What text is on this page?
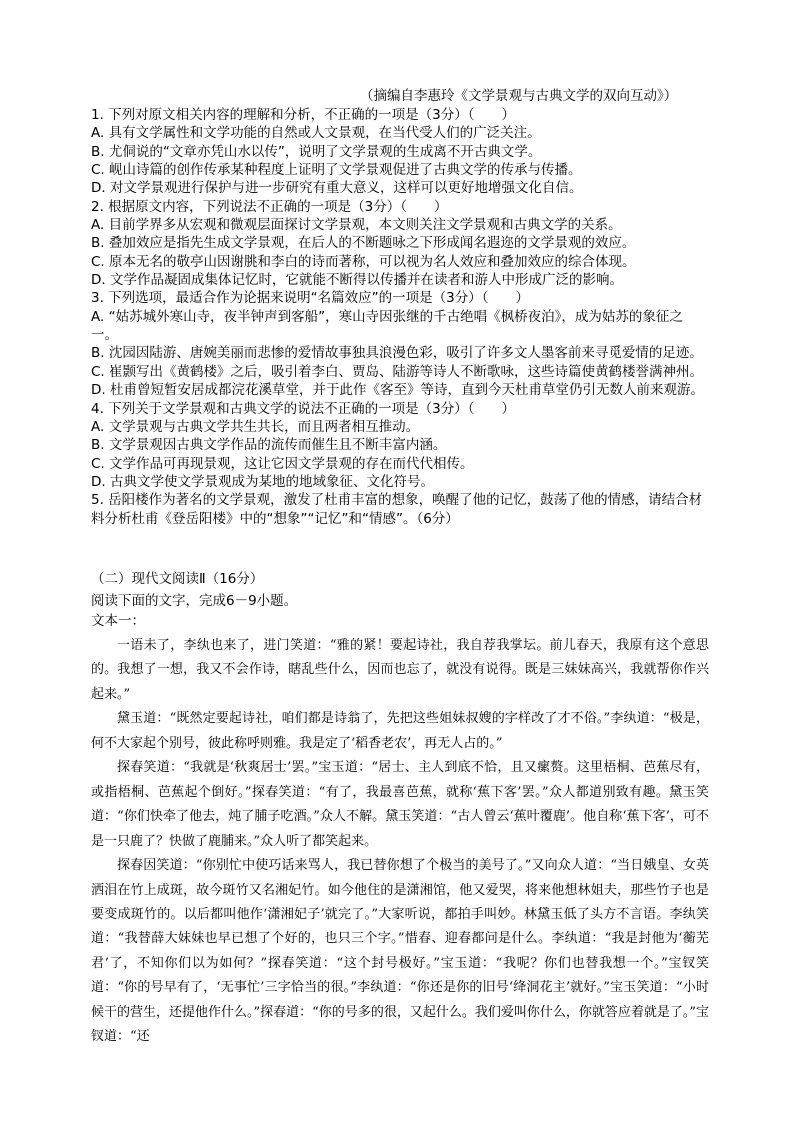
（摘编自李惠玲《文学景观与古典文学的双向互动》）
1. 下列对原文相关内容的理解和分析，不正确的一项是（3分）（　　）
A. 具有文学属性和文学功能的自然或人文景观，在当代受人们的广泛关注。
B. 尤侗说的“文章亦凭山水以传”，说明了文学景观的生成离不开古典文学。
C. 岘山诗篇的创作传承某种程度上证明了文学景观促进了古典文学的传承与传播。
D. 对文学景观进行保护与进一步研究有重大意义，这样可以更好地增强文化自信。
2. 根据原文内容，下列说法不正确的一项是（3分）（　　）
A. 目前学界多从宏观和微观层面探讨文学景观，本文则关注文学景观和古典文学的关系。
B. 叠加效应是指先生成文学景观，在后人的不断题咏之下形成闻名遐迩的文学景观的效应。
C. 原本无名的敬亭山因谢朓和李白的诗而著称，可以视为名人效应和叠加效应的综合体现。
D. 文学作品凝固成集体记忆时，它就能不断得以传播并在读者和游人中形成广泛的影响。
3. 下列选项，最适合作为论据来说明“名篇效应”的一项是（3分）（　　）
A. “姑苏城外寒山寺，夜半钟声到客船”，寒山寺因张继的千古绝唱《枫桥夜泊》，成为姑苏的象征之一。
B. 沈园因陆游、唐婉美丽而悲惨的爱情故事独具浪漫色彩，吸引了许多文人墨客前来寻觅爱情的足迹。
C. 崔颢写出《黄鹤楼》之后，吸引着李白、贾岛、陆游等诗人不断歌咏，这些诗篇使黄鹤楼誉满神州。
D. 杜甫曾短暂安居成都浣花溪草堂，并于此作《客至》等诗，直到今天杜甫草堂仍引无数人前来观游。
4. 下列关于文学景观和古典文学的说法不正确的一项是（3分）（　　）
A. 文学景观与古典文学共生共长，而且两者相互推动。
B. 文学景观因古典文学作品的流传而催生且不断丰富内涵。
C. 文学作品可再现景观，这让它因文学景观的存在而代代相传。
D. 古典文学使文学景观成为某地的地域象征、文化符号。
5. 岳阳楼作为著名的文学景观，激发了杜甫丰富的想象，唤醒了他的记忆，鼓荡了他的情感，请结合材料分析杜甫《登岳阳楼》中的“想象”“记忆”和“情感”。（6分）
（二）现代文阅读Ⅱ（16分）
阅读下面的文字，完成6－9小题。
文本一：

一语未了，李纨也来了，进门笑道：“雅的紧！要起诗社，我自荐我掌坛。前儿春天，我原有这个意思的。我想了一想，我又不会作诗，瞎乱些什么，因而也忘了，就没有说得。既是三妹妹高兴，我就帮你作兴起来。”

黛玉道：“既然定要起诗社，咱们都是诗翁了，先把这些姐妹叔嫂的字样改了才不俗。”李纨道：“极是，何不大家起个别号，彼此称呼则雅。我是定了‘稻香老农’，再无人占的。”

探春笑道：“我就是‘秋爽居士’罢。”宝玉道：“居士、主人到底不恰，且又瘰赘。这里梧桐、芭蕉尽有，或指梧桐、芭蕉起个倒好。”探春笑道：“有了，我最喜芭蕉，就称‘蕉下客’罢。”众人都道别致有趣。黛玉笑道：“你们快牵了他去，炖了脯子吃酒。”众人不解。黛玉笑道：“古人曾云‘蕉叶覆鹿’。他自称‘蕉下客’，可不是一只鹿了？快做了鹿脯来。”众人听了都笑起来。

探春因笑道：“你别忙中使巧话来骂人，我已替你想了个极当的美号了。”又向众人道：“当日娥皇、女英洒泪在竹上成斑，故今斑竹又名湘妃竹。如今他住的是潇湘馆，他又爱哭，将来他想林姐夫，那些竹子也是要变成斑竹的。以后都叫他作‘潇湘妃子’就完了。”大家听说，都拍手叫妙。林黛玉低了头方不言语。李纨笑道：“我替薛大妹妹也早已想了个好的，也只三个字。”惜春、迎春都问是什么。李纨道：“我是封他为‘蘅芜君’了，不知你们以为如何？”探春笑道：“这个封号极好。”宝玉道：“我呢？你们也替我想一个。”宝钗笑道：“你的号早有了，‘无事忙’三字恰当的很。”李纨道：“你还是你的旧号‘绛洞花主’就好。”宝玉笑道：“小时候干的营生，还提他作什么。”探春道：“你的号多的很，又起什么。我们爱叫你什么，你就答应着就是了。”宝钗道：“还
